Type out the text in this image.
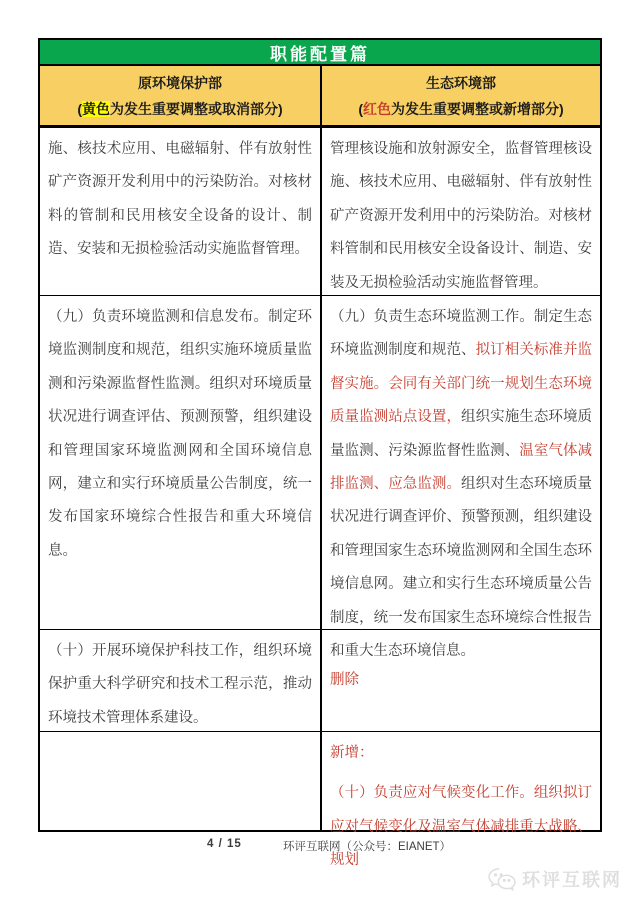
职能配置篇
原环境保护部
(黄色为发生重要调整或取消部分)
生态环境部
(红色为发生重要调整或新增部分)
施、核技术应用、电磁辐射、伴有放射性矿产资源开发利用中的污染防治。对核材料的管制和民用核安全设备的设计、制造、安装和无损检验活动实施监督管理。
管理核设施和放射源安全，监督管理核设施、核技术应用、电磁辐射、伴有放射性矿产资源开发利用中的污染防治。对核材料管制和民用核安全设备设计、制造、安装及无损检验活动实施监督管理。
（九）负责环境监测和信息发布。制定环境监测制度和规范，组织实施环境质量监测和污染源监督性监测。组织对环境质量状况进行调查评估、预测预警，组织建设和管理国家环境监测网和全国环境信息网，建立和实行环境质量公告制度，统一发布国家环境综合性报告和重大环境信息。
（九）负责生态环境监测工作。制定生态环境监测制度和规范、拟订相关标准并监督实施。会同有关部门统一规划生态环境质量监测站点设置，组织实施生态环境质量监测、污染源监督性监测、温室气体减排监测、应急监测。组织对生态环境质量状况进行调查评价、预警预测，组织建设和管理国家生态环境监测网和全国生态环境信息网。建立和实行生态环境质量公告制度，统一发布国家生态环境综合性报告和重大生态环境信息。
（十）开展环境保护科技工作，组织环境保护重大科学研究和技术工程示范，推动环境技术管理体系建设。
删除
新增：
（十）负责应对气候变化工作。组织拟订应对气候变化及温室气体减排重大战略、规划
4 / 15	环评互联网（公众号：EIANET）
环评互联网
